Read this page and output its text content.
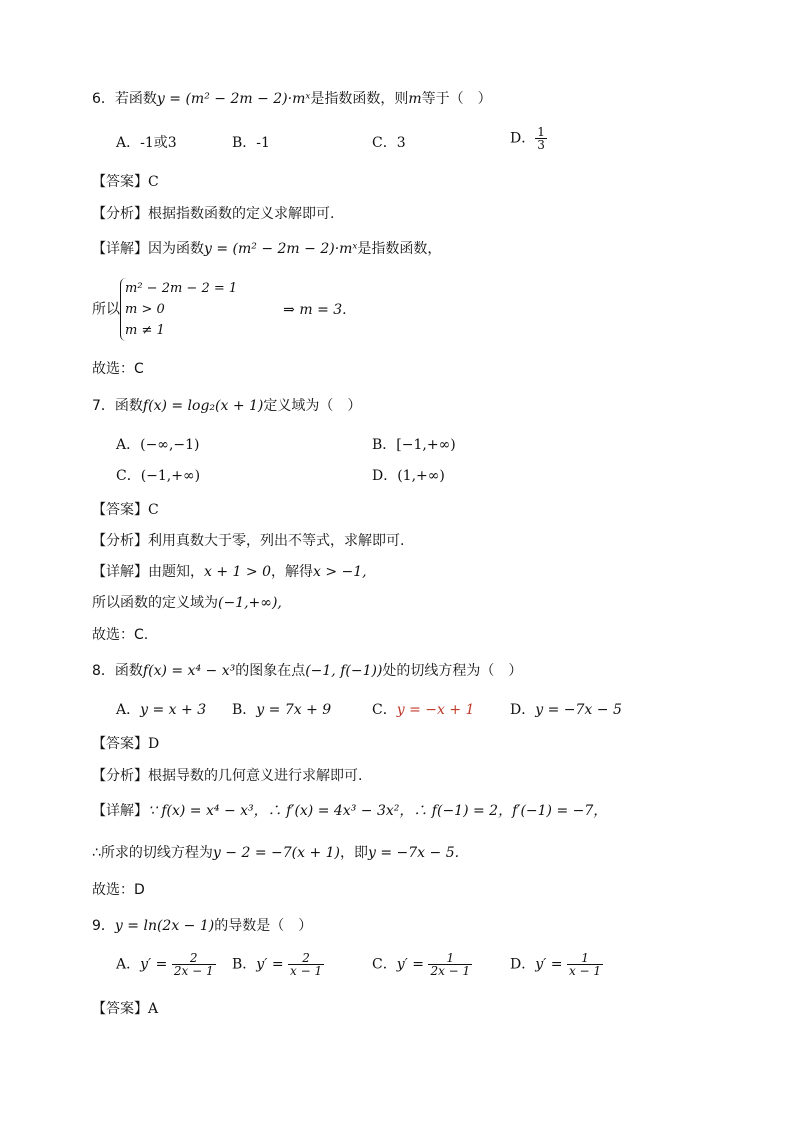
6．若函数y = (m² − 2m − 2)·mˣ是指数函数，则m等于（　）
A．-1或3	B．-1	C．3	D． $\frac{1}{3}$
【答案】C
【分析】根据指数函数的定义求解即可.
【详解】因为函数y = (m² − 2m − 2)·mˣ是指数函数，
所以
m² − 2m − 2 = 1
m > 0
m ≠ 1
⇒ m = 3.
故选：C
7．函数f(x) = log₂(x + 1)定义域为（　）
A．(−∞,−1)	B．[−1,+∞)
C．(−1,+∞)	D．(1,+∞)
【答案】C
【分析】利用真数大于零，列出不等式，求解即可.
【详解】由题知，x + 1 > 0，解得x > −1,
所以函数的定义域为(−1,+∞),
故选：C.
8．函数f(x) = x⁴ − x³的图象在点(−1, f(−1))处的切线方程为（　）
A．y = x + 3 B．y = 7x + 9	C．y = −x + 1	D．y = −7x − 5
【答案】D
【分析】根据导数的几何意义进行求解即可.
【详解】∵ f(x) = x⁴ − x³，∴ f′(x) = 4x³ − 3x²，∴ f(−1) = 2，f′(−1) = −7，
∴所求的切线方程为y − 2 = −7(x + 1)，即y = −7x − 5.
故选：D
9．y = ln(2x − 1)的导数是（　）
A．$y' = \frac{2}{2x - 1}$ B．$y' = \frac{2}{x - 1}$	C．$y' = \frac{1}{2x - 1}$	D．$y' = \frac{1}{x - 1}$
【答案】A
